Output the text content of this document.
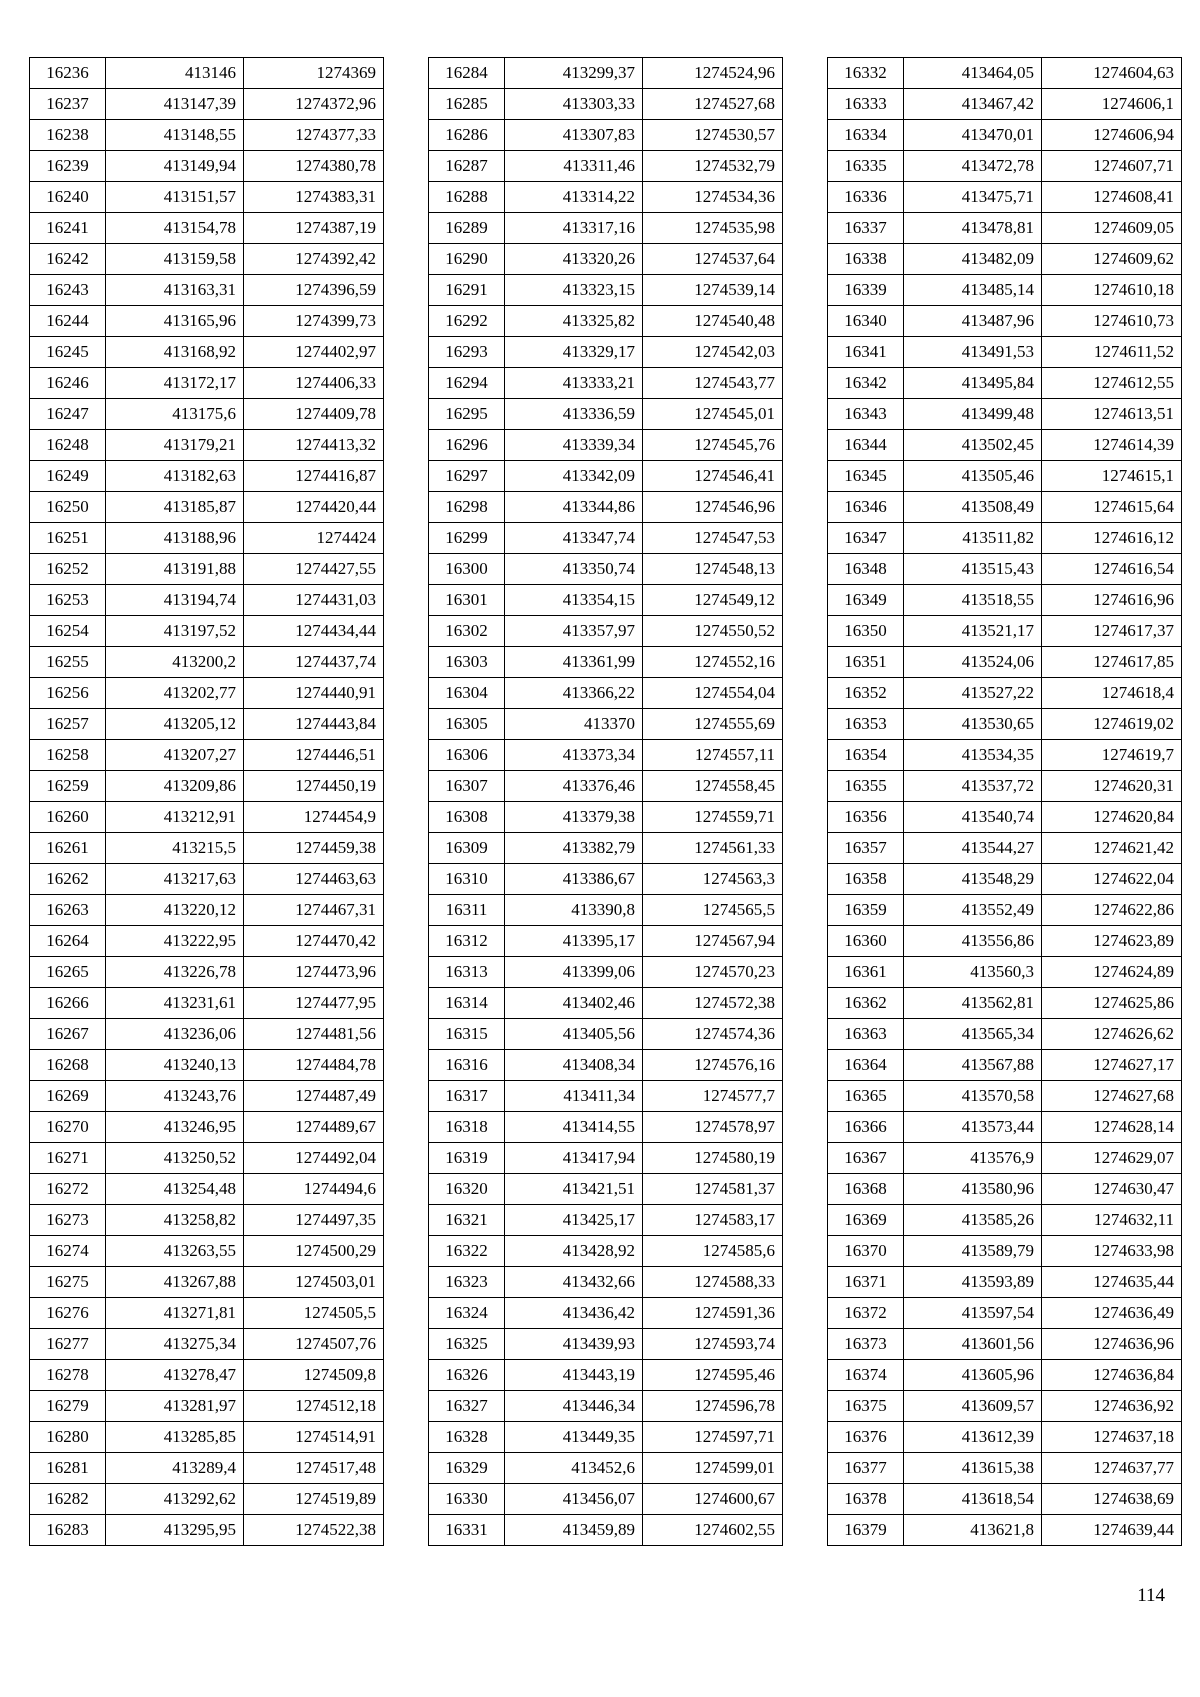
16236	413146	1274369
16237	413147,39	1274372,96
16238	413148,55	1274377,33
16239	413149,94	1274380,78
16240	413151,57	1274383,31
16241	413154,78	1274387,19
16242	413159,58	1274392,42
16243	413163,31	1274396,59
16244	413165,96	1274399,73
16245	413168,92	1274402,97
16246	413172,17	1274406,33
16247	413175,6	1274409,78
16248	413179,21	1274413,32
16249	413182,63	1274416,87
16250	413185,87	1274420,44
16251	413188,96	1274424
16252	413191,88	1274427,55
16253	413194,74	1274431,03
16254	413197,52	1274434,44
16255	413200,2	1274437,74
16256	413202,77	1274440,91
16257	413205,12	1274443,84
16258	413207,27	1274446,51
16259	413209,86	1274450,19
16260	413212,91	1274454,9
16261	413215,5	1274459,38
16262	413217,63	1274463,63
16263	413220,12	1274467,31
16264	413222,95	1274470,42
16265	413226,78	1274473,96
16266	413231,61	1274477,95
16267	413236,06	1274481,56
16268	413240,13	1274484,78
16269	413243,76	1274487,49
16270	413246,95	1274489,67
16271	413250,52	1274492,04
16272	413254,48	1274494,6
16273	413258,82	1274497,35
16274	413263,55	1274500,29
16275	413267,88	1274503,01
16276	413271,81	1274505,5
16277	413275,34	1274507,76
16278	413278,47	1274509,8
16279	413281,97	1274512,18
16280	413285,85	1274514,91
16281	413289,4	1274517,48
16282	413292,62	1274519,89
16283	413295,95	1274522,38
16284	413299,37	1274524,96
16285	413303,33	1274527,68
16286	413307,83	1274530,57
16287	413311,46	1274532,79
16288	413314,22	1274534,36
16289	413317,16	1274535,98
16290	413320,26	1274537,64
16291	413323,15	1274539,14
16292	413325,82	1274540,48
16293	413329,17	1274542,03
16294	413333,21	1274543,77
16295	413336,59	1274545,01
16296	413339,34	1274545,76
16297	413342,09	1274546,41
16298	413344,86	1274546,96
16299	413347,74	1274547,53
16300	413350,74	1274548,13
16301	413354,15	1274549,12
16302	413357,97	1274550,52
16303	413361,99	1274552,16
16304	413366,22	1274554,04
16305	413370	1274555,69
16306	413373,34	1274557,11
16307	413376,46	1274558,45
16308	413379,38	1274559,71
16309	413382,79	1274561,33
16310	413386,67	1274563,3
16311	413390,8	1274565,5
16312	413395,17	1274567,94
16313	413399,06	1274570,23
16314	413402,46	1274572,38
16315	413405,56	1274574,36
16316	413408,34	1274576,16
16317	413411,34	1274577,7
16318	413414,55	1274578,97
16319	413417,94	1274580,19
16320	413421,51	1274581,37
16321	413425,17	1274583,17
16322	413428,92	1274585,6
16323	413432,66	1274588,33
16324	413436,42	1274591,36
16325	413439,93	1274593,74
16326	413443,19	1274595,46
16327	413446,34	1274596,78
16328	413449,35	1274597,71
16329	413452,6	1274599,01
16330	413456,07	1274600,67
16331	413459,89	1274602,55
16332	413464,05	1274604,63
16333	413467,42	1274606,1
16334	413470,01	1274606,94
16335	413472,78	1274607,71
16336	413475,71	1274608,41
16337	413478,81	1274609,05
16338	413482,09	1274609,62
16339	413485,14	1274610,18
16340	413487,96	1274610,73
16341	413491,53	1274611,52
16342	413495,84	1274612,55
16343	413499,48	1274613,51
16344	413502,45	1274614,39
16345	413505,46	1274615,1
16346	413508,49	1274615,64
16347	413511,82	1274616,12
16348	413515,43	1274616,54
16349	413518,55	1274616,96
16350	413521,17	1274617,37
16351	413524,06	1274617,85
16352	413527,22	1274618,4
16353	413530,65	1274619,02
16354	413534,35	1274619,7
16355	413537,72	1274620,31
16356	413540,74	1274620,84
16357	413544,27	1274621,42
16358	413548,29	1274622,04
16359	413552,49	1274622,86
16360	413556,86	1274623,89
16361	413560,3	1274624,89
16362	413562,81	1274625,86
16363	413565,34	1274626,62
16364	413567,88	1274627,17
16365	413570,58	1274627,68
16366	413573,44	1274628,14
16367	413576,9	1274629,07
16368	413580,96	1274630,47
16369	413585,26	1274632,11
16370	413589,79	1274633,98
16371	413593,89	1274635,44
16372	413597,54	1274636,49
16373	413601,56	1274636,96
16374	413605,96	1274636,84
16375	413609,57	1274636,92
16376	413612,39	1274637,18
16377	413615,38	1274637,77
16378	413618,54	1274638,69
16379	413621,8	1274639,44
114
